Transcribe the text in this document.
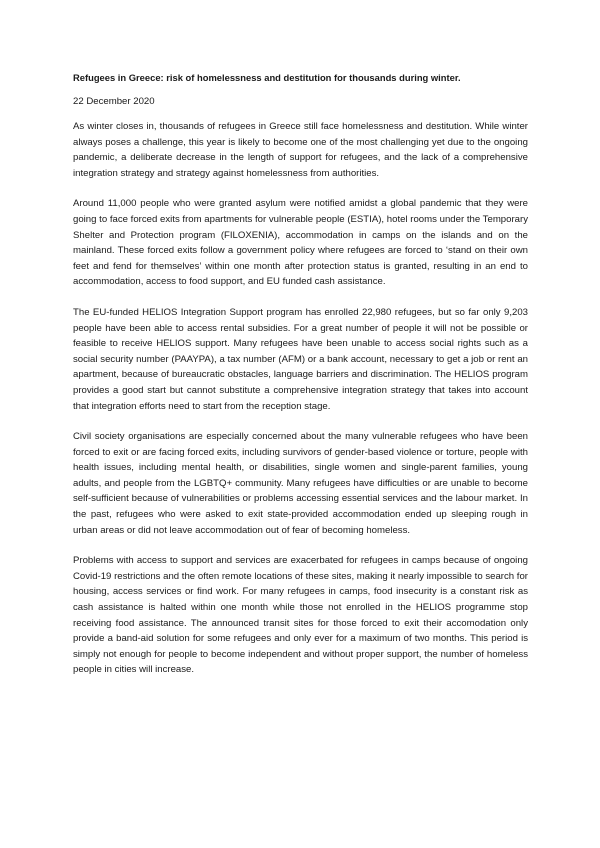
Refugees in Greece: risk of homelessness and destitution for thousands during winter.
22 December 2020

As winter closes in, thousands of refugees in Greece still face homelessness and destitution. While winter always poses a challenge, this year is likely to become one of the most challenging yet due to the ongoing pandemic, a deliberate decrease in the length of support for refugees, and the lack of a comprehensive integration strategy and strategy against homelessness from authorities.

Around 11,000 people who were granted asylum were notified amidst a global pandemic that they were going to face forced exits from apartments for vulnerable people (ESTIA), hotel rooms under the Temporary Shelter and Protection program (FILOXENIA), accommodation in camps on the islands and on the mainland. These forced exits follow a government policy where refugees are forced to ‘stand on their own feet and fend for themselves’ within one month after protection status is granted, resulting in an end to accommodation, access to food support, and EU funded cash assistance.

The EU-funded HELIOS Integration Support program has enrolled 22,980 refugees, but so far only 9,203 people have been able to access rental subsidies. For a great number of people it will not be possible or feasible to receive HELIOS support. Many refugees have been unable to access social rights such as a social security number (PAAYPA), a tax number (AFM) or a bank account, necessary to get a job or rent an apartment, because of bureaucratic obstacles, language barriers and discrimination. The HELIOS program provides a good start but cannot substitute a comprehensive integration strategy that takes into account that integration efforts need to start from the reception stage.

Civil society organisations are especially concerned about the many vulnerable refugees who have been forced to exit or are facing forced exits, including survivors of gender-based violence or torture, people with health issues, including mental health, or disabilities, single women and single-parent families, young adults, and people from the LGBTQ+ community. Many refugees have difficulties or are unable to become self-sufficient because of vulnerabilities or problems accessing essential services and the labour market. In the past, refugees who were asked to exit state-provided accommodation ended up sleeping rough in urban areas or did not leave accommodation out of fear of becoming homeless.

Problems with access to support and services are exacerbated for refugees in camps because of ongoing Covid-19 restrictions and the often remote locations of these sites, making it nearly impossible to search for housing, access services or find work. For many refugees in camps, food insecurity is a constant risk as cash assistance is halted within one month while those not enrolled in the HELIOS programme stop receiving food assistance. The announced transit sites for those forced to exit their accomodation only provide a band-aid solution for some refugees and only ever for a maximum of two months. This period is simply not enough for people to become independent and without proper support, the number of homeless people in cities will increase.
